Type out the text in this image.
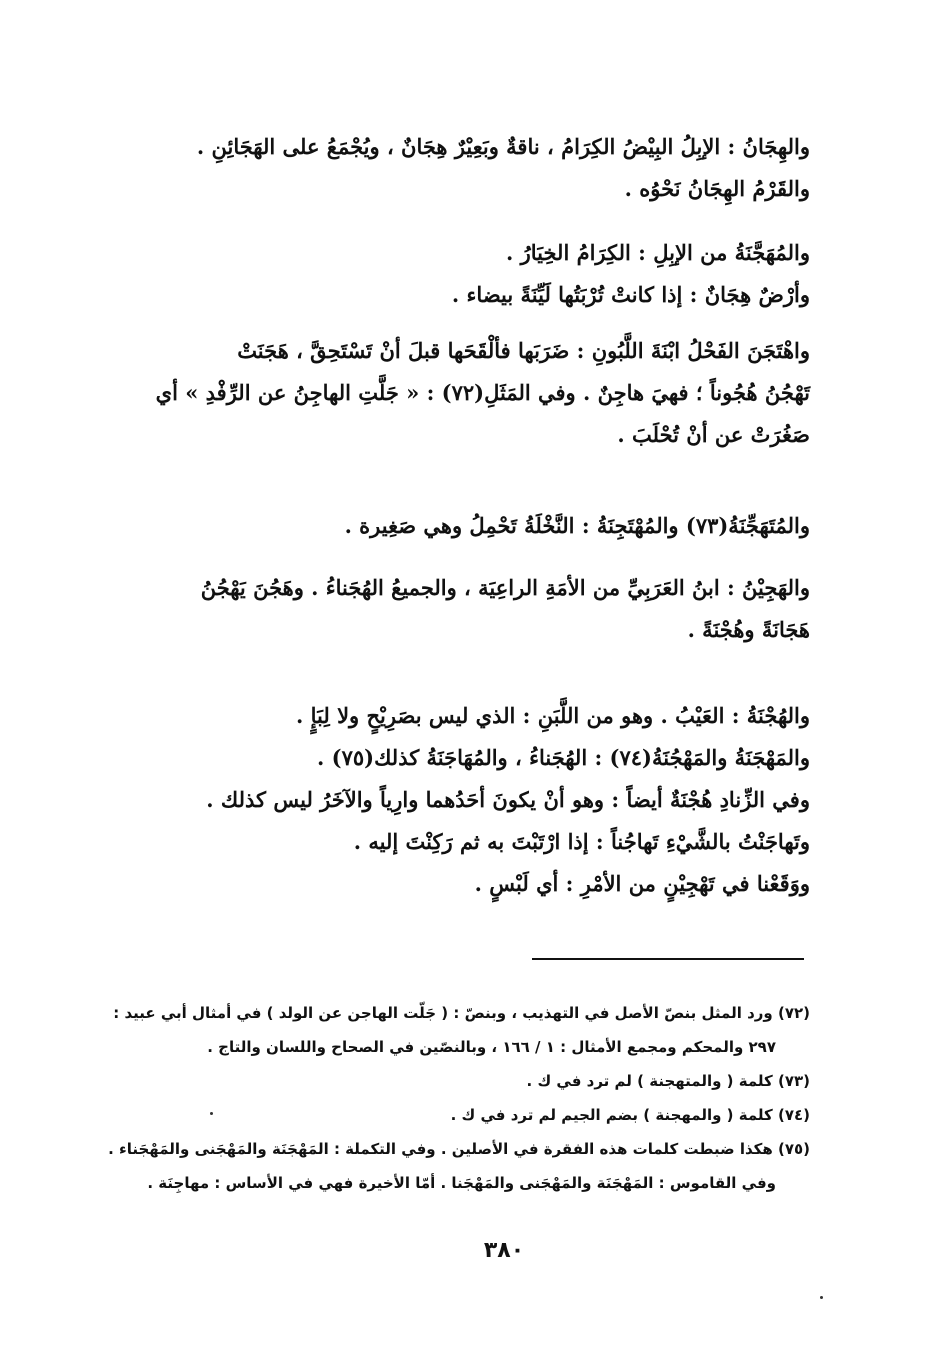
والهِجَانُ : الإبِلُ البِيْضُ الكِرَامُ ، ناقةٌ وبَعِيْرٌ هِجَانٌ ، ويُجْمَعُ على الهَجَائِنِ .

والقَرْمُ الهِجَانُ نَحْوُه .

والمُهَجَّنَةُ من الإبِلِ : الكِرَامُ الخِيَارُ .

وأرْضٌ هِجَانٌ : إذا كانتْ تُرْبَتُها لَيِّنَةً بيضاء .

واهْتَجَنَ الفَحْلُ ابْنَةَ اللَّبُونِ : ضَرَبَها فألْقَحَها قبلَ أنْ تَسْتَحِقَّ ، هَجَنَتْ

تَهْجُنُ هُجُوناً ؛ فهيَ هاجِنٌ . وفي المَثَلِ(٧٢) : « جَلَّتِ الهاجِنُ عن الرِّفْدِ » أي

صَغُرَتْ عن أنْ تُحْلَبَ .

والمُتَهَجِّنَةُ(٧٣) والمُهْتَجِنَةُ : النَّخْلَةُ تَحْمِلُ وهي صَغِيرة .

والهَجِيْنُ : ابنُ العَرَبِيِّ من الأمَةِ الراعِيَة ، والجميعُ الهُجَناءُ . وهَجُنَ يَهْجُنُ

هَجَانَةً وهُجْنَةً .

والهُجْنَةُ : العَيْبُ . وهو من اللَّبَنِ : الذي ليس بصَرِيْحٍ ولا لِبَإٍ .

والمَهْجَنَةُ والمَهْجُنَةُ(٧٤) : الهُجَناءُ ، والمُهَاجَنَةُ كذلك(٧٥) .

وفي الزِّنادِ هُجْنَةٌ أيضاً : وهو أنْ يكونَ أحَدُهما وارِياً والآخَرُ ليس كذلك .

وتَهاجَنْتُ بالشَّيْءِ تَهاجُناً : إذا ارْتَبْتَ به ثم رَكِنْتَ إليه .

ووَقَعْنا في تَهْجِيْنٍ من الأمْرِ : أي لَبْسٍ .

(٧٢) ورد المثل بنصّ الأصل في التهذيب ، وبنصّ : ( جَلّت الهاجن عن الولد ) في أمثال أبي عبيد :

٢٩٧ والمحكم ومجمع الأمثال : ١ / ١٦٦ ، وبالنصّين في الصحاح واللسان والتاج .

(٧٣) كلمة ( والمتهجنة ) لم ترد في ك .

(٧٤) كلمة ( والمهجنة ) بضم الجيم لم ترد في ك .

(٧٥) هكذا ضبطت كلمات هذه الفقرة في الأصلين . وفي التكملة : المَهْجَنَة والمَهْجَنى والمَهْجَناء .

وفي القاموس : المَهْجَنَة والمَهْجَنى والمَهْجَنا . أمّا الأخيرة فهي في الأساس : مهاجِنَة .

٣٨٠
